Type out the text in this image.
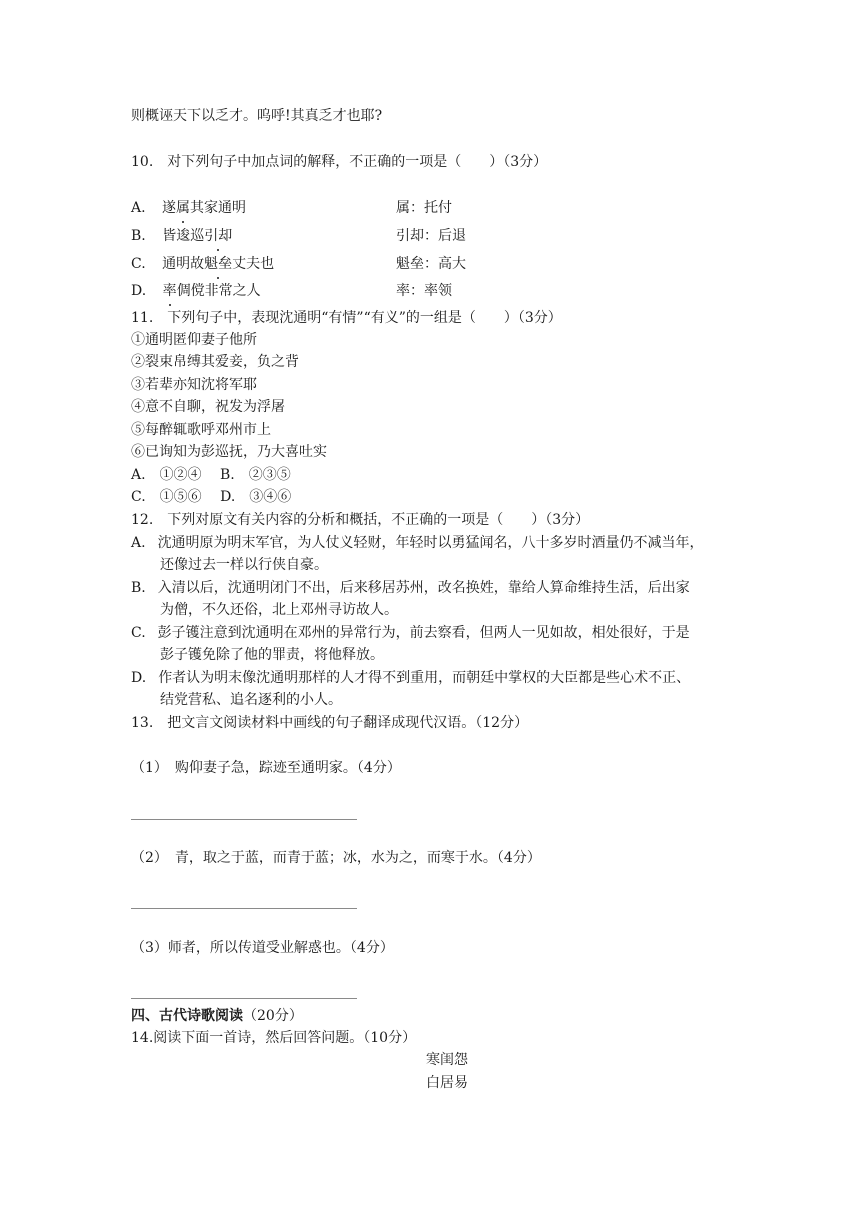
则概诬天下以乏才。呜呼!其真乏才也耶?
10.　对下列句子中加点词的解释，不正确的一项是（　　）（3分）
A. 遂属其家通明	属：托付
B. 皆逡巡引却	引却：后退
C. 通明故魁垒丈夫也	魁垒：高大
D. 率倜傥非常之人	率：率领
11.　下列句子中，表现沈通明“有情”“有义”的一组是（　　）（3分）
①通明匿仰妻子他所
②裂束帛缚其爱妾，负之背
③若辈亦知沈将军耶
④意不自聊，祝发为浮屠
⑤每醉辄歌呼邓州市上
⑥已询知为彭巡抚，乃大喜吐实
A.　①②④　 B.　②③⑤
C.　①⑤⑥　 D.　③④⑥
12.　下列对原文有关内容的分析和概括，不正确的一项是（　　）（3分）
A. 沈通明原为明末军官，为人仗义轻财，年轻时以勇猛闻名，八十多岁时酒量仍不减当年，
还像过去一样以行侠自豪。
B. 入清以后，沈通明闭门不出，后来移居苏州，改名换姓，靠给人算命维持生活，后出家
为僧，不久还俗，北上邓州寻访故人。
C. 彭子镬注意到沈通明在邓州的异常行为，前去察看，但两人一见如故，相处很好，于是
彭子镬免除了他的罪责，将他释放。
D. 作者认为明末像沈通明那样的人才得不到重用，而朝廷中掌权的大臣都是些心术不正、
结党营私、追名逐利的小人。
13.　把文言文阅读材料中画线的句子翻译成现代汉语。（12分）
（1）　购仰妻子急，踪迹至通明家。（4分）
（2）　青，取之于蓝，而青于蓝；冰，水为之，而寒于水。（4分）
（3）师者，所以传道受业解惑也。（4分）
四、古代诗歌阅读（20分）
14.阅读下面一首诗，然后回答问题。（10分）
寒闺怨
白居易
